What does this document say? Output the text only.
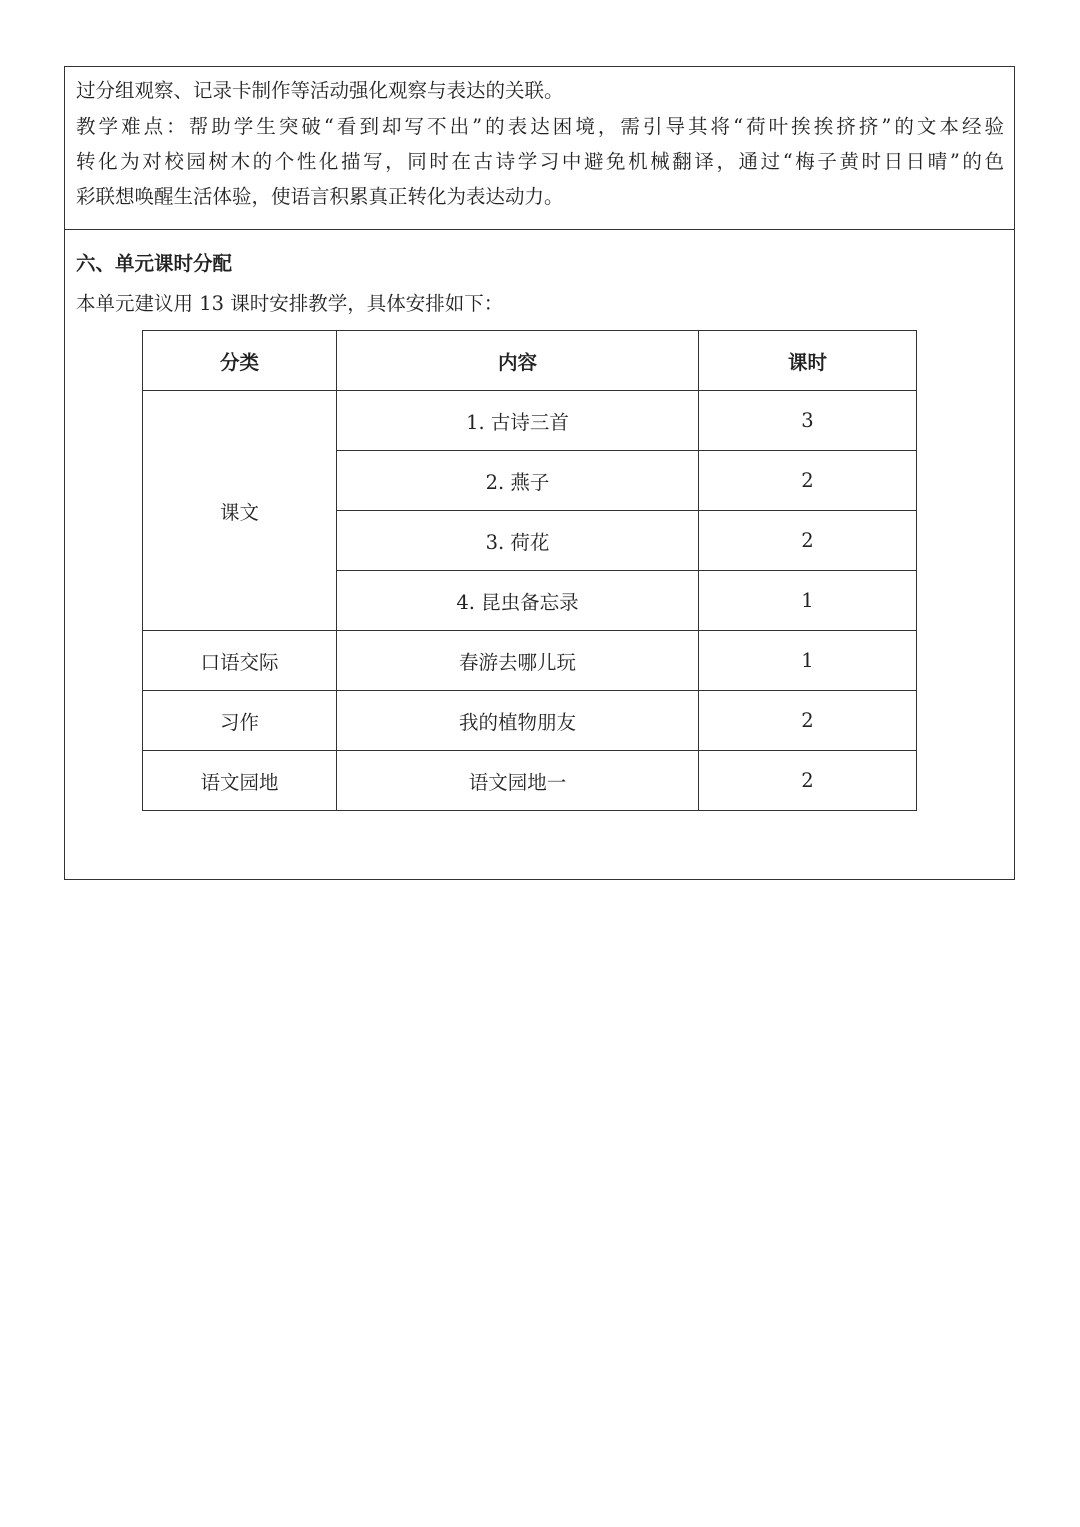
过分组观察、记录卡制作等活动强化观察与表达的关联。
教学难点：帮助学生突破“看到却写不出”的表达困境，需引导其将“荷叶挨挨挤挤”的文本经验
转化为对校园树木的个性化描写，同时在古诗学习中避免机械翻译，通过“梅子黄时日日晴”的色
彩联想唤醒生活体验，使语言积累真正转化为表达动力。
六、单元课时分配
本单元建议用 13 课时安排教学，具体安排如下：
分类	内容	课时
课文	1. 古诗三首	3
	2. 燕子	2
	3. 荷花	2
	4. 昆虫备忘录	1
口语交际	春游去哪儿玩	1
习作	我的植物朋友	2
语文园地	语文园地一	2
